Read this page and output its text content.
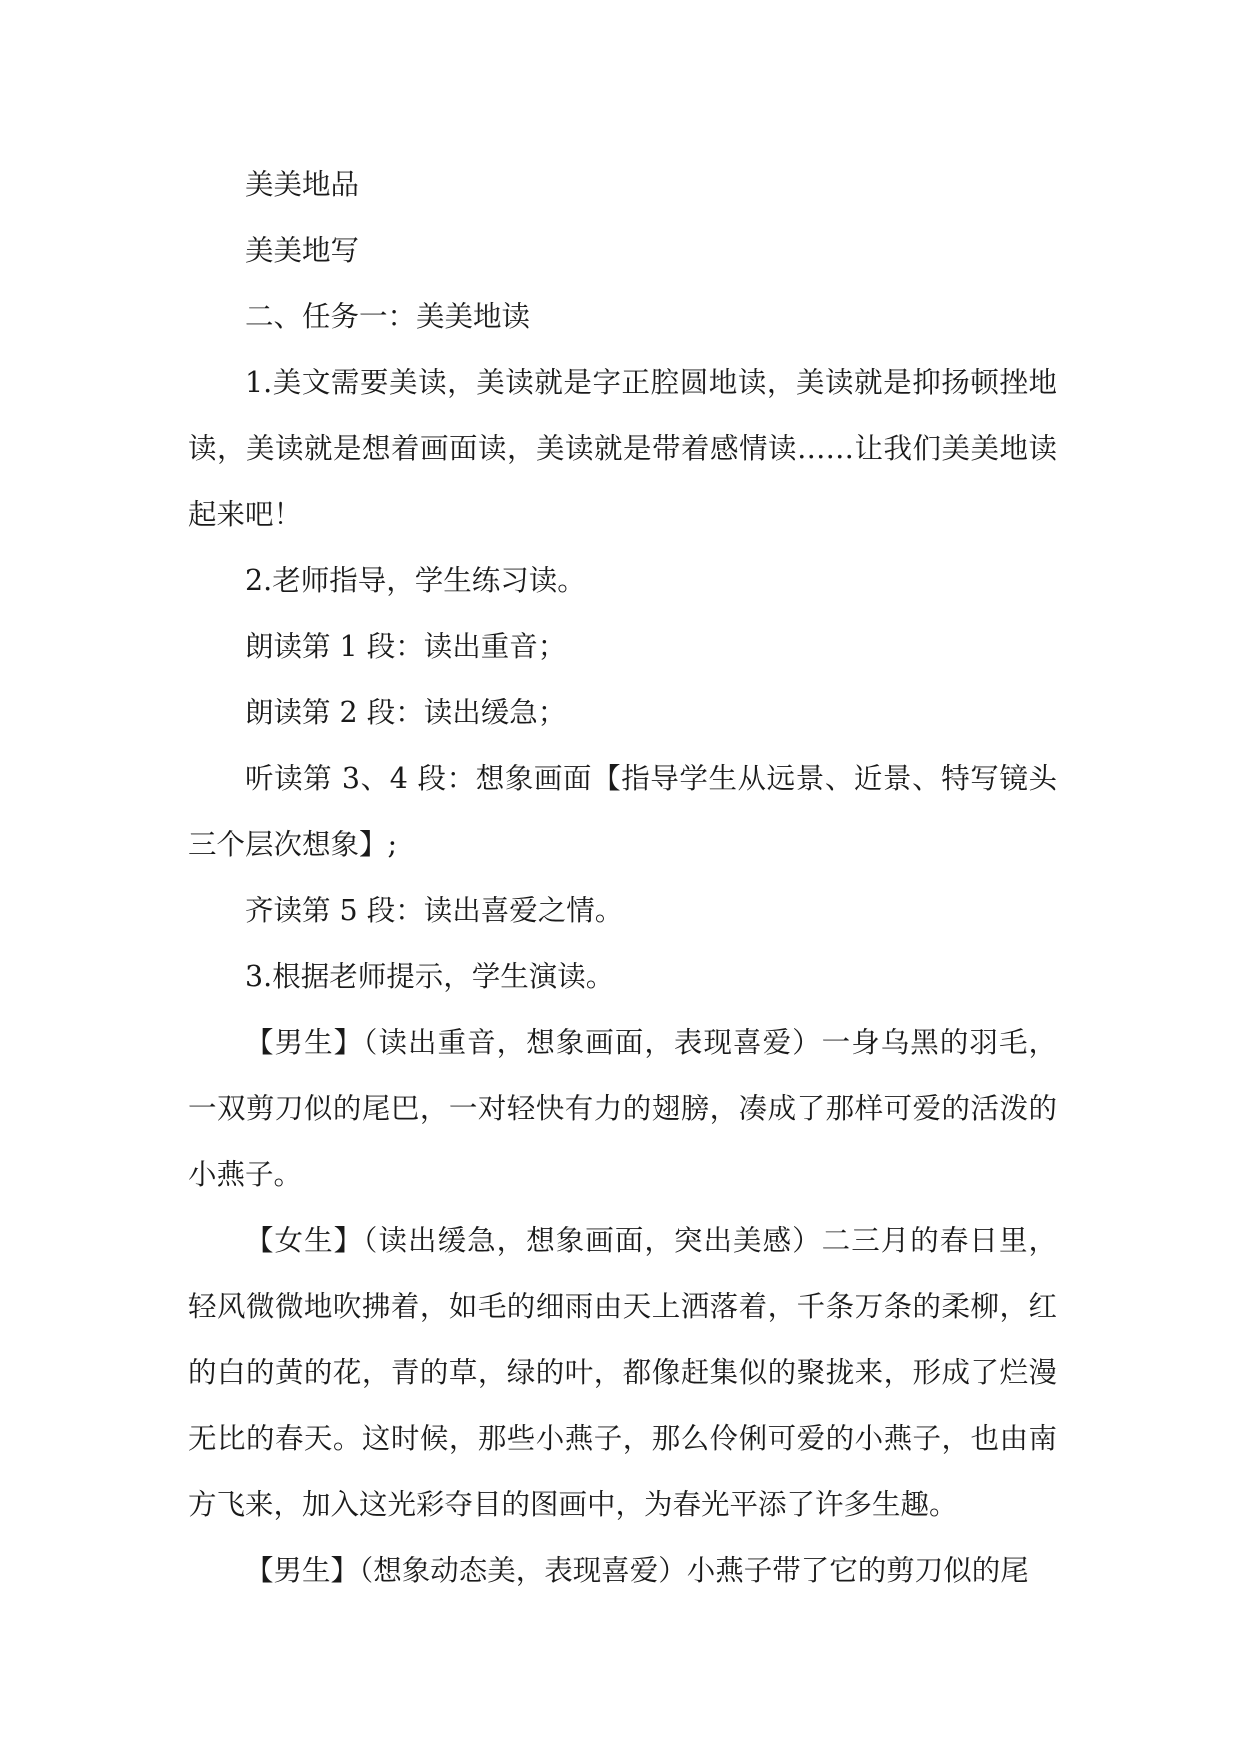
美美地品

美美地写

二、任务一：美美地读

1.美文需要美读，美读就是字正腔圆地读，美读就是抑扬顿挫地读，美读就是想着画面读，美读就是带着感情读……让我们美美地读起来吧！

2.老师指导，学生练习读。

朗读第 1 段：读出重音；

朗读第 2 段：读出缓急；

听读第 3、4 段：想象画面【指导学生从远景、近景、特写镜头三个层次想象】;

齐读第 5 段：读出喜爱之情。

3.根据老师提示，学生演读。

【男生】（读出重音，想象画面，表现喜爱）一身乌黑的羽毛，一双剪刀似的尾巴，一对轻快有力的翅膀，凑成了那样可爱的活泼的小燕子。

【女生】（读出缓急，想象画面，突出美感）二三月的春日里，轻风微微地吹拂着，如毛的细雨由天上洒落着，千条万条的柔柳，红的白的黄的花，青的草，绿的叶，都像赶集似的聚拢来，形成了烂漫无比的春天。这时候，那些小燕子，那么伶俐可爱的小燕子，也由南方飞来，加入这光彩夺目的图画中，为春光平添了许多生趣。

【男生】（想象动态美，表现喜爱）小燕子带了它的剪刀似的尾
